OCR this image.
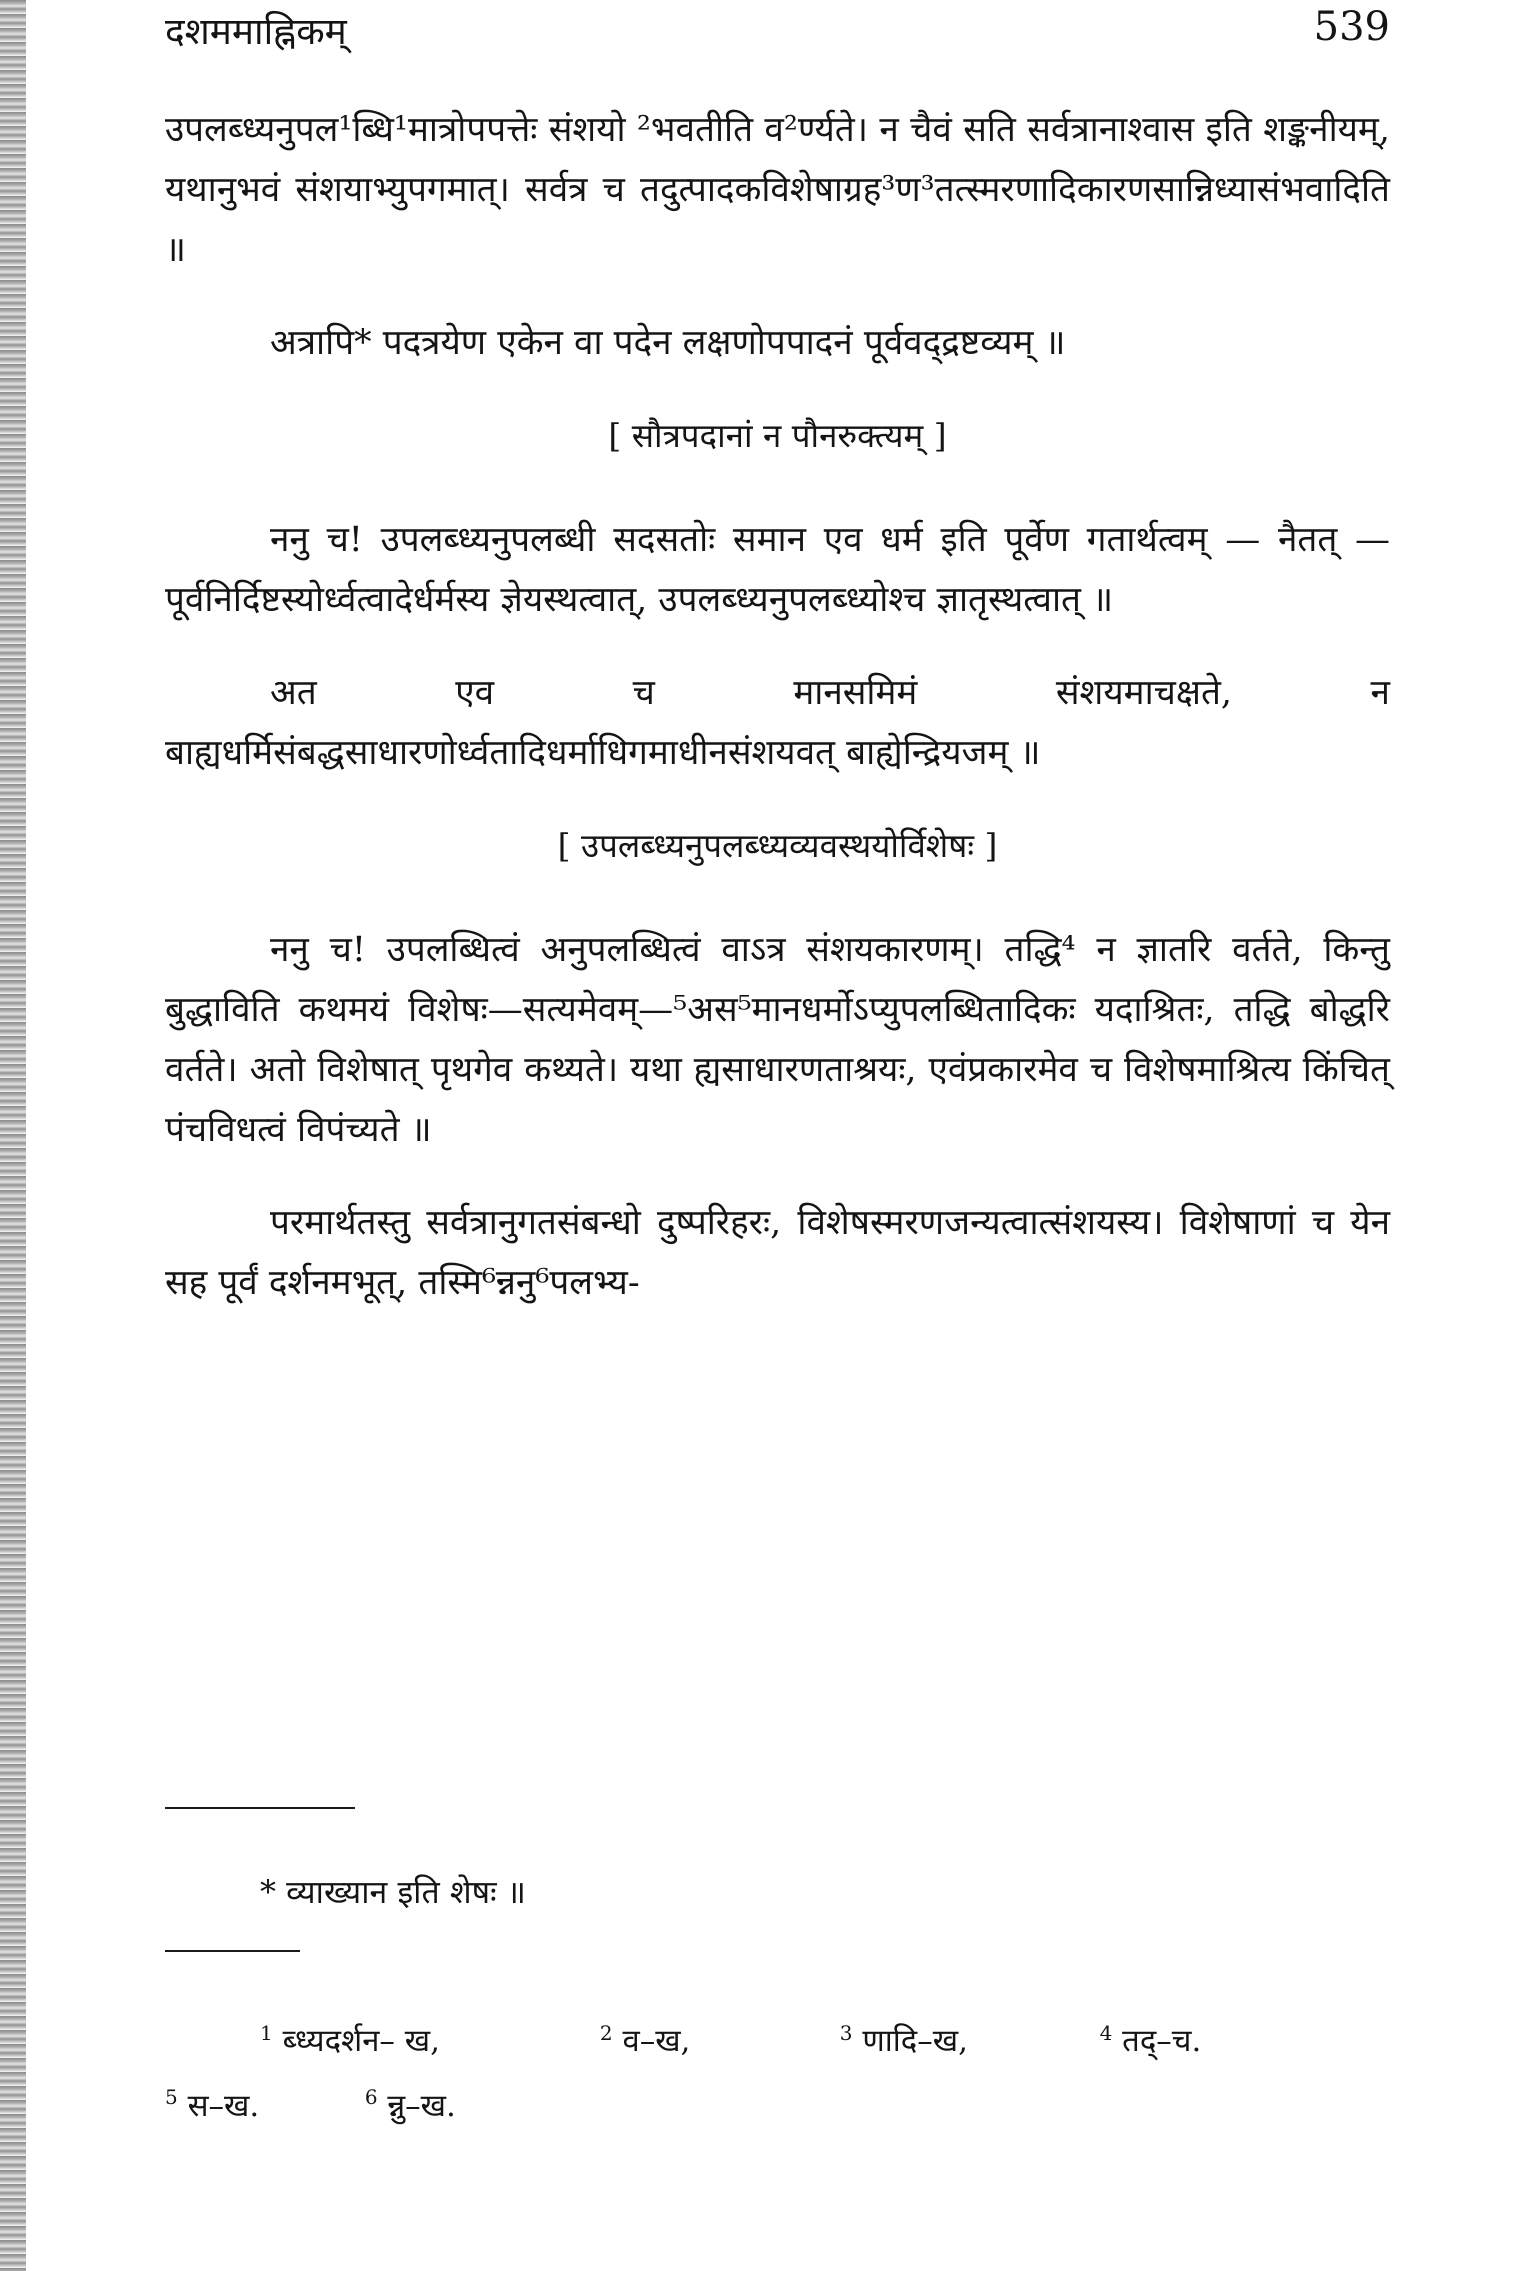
दशममाह्निकम्	539

उपलब्ध्यनुपल¹ब्धि¹मात्रोपपत्तेः संशयो ²भवतीति व²र्ण्यते। न चैवं सति सर्वत्रानाश्वास इति शङ्कनीयम्, यथानुभवं संशयाभ्युपगमात्। सर्वत्र च तदुत्पादकविशेषाग्रह³ण³तत्स्मरणादिकारणसान्निध्यासंभवादिति ॥

अत्रापि* पदत्रयेण एकेन वा पदेन लक्षणोपपादनं पूर्ववद्द्रष्टव्यम् ॥

[ सौत्रपदानां न पौनरुक्त्यम् ]

ननु च! उपलब्ध्यनुपलब्धी सदसतोः समान एव धर्म इति पूर्वेण गतार्थत्वम् — नैतत् — पूर्वनिर्दिष्टस्योर्ध्वत्वादेर्धर्मस्य ज्ञेयस्थत्वात्, उपलब्ध्यनुपलब्ध्योश्च ज्ञातृस्थत्वात् ॥

अत एव च मानसमिमं संशयमाचक्षते, न बाह्यधर्मिसंबद्धसाधारणोर्ध्वतादिधर्माधिगमाधीनसंशयवत् बाह्येन्द्रियजम् ॥

[ उपलब्ध्यनुपलब्ध्यव्यवस्थयोर्विशेषः ]

ननु च! उपलब्धित्वं अनुपलब्धित्वं वाऽत्र संशयकारणम्। तद्धि⁴ न ज्ञातरि वर्तते, किन्तु बुद्धाविति कथमयं विशेषः—सत्यमेवम्—⁵अस⁵मानधर्मोऽप्युपलब्धितादिकः यदाश्रितः, तद्धि बोद्धरि वर्तते। अतो विशेषात् पृथगेव कथ्यते। यथा ह्यसाधारणताश्रयः, एवंप्रकारमेव च विशेषमाश्रित्य किंचित् पंचविधत्वं विपंच्यते ॥

परमार्थतस्तु सर्वत्रानुगतसंबन्धो दुष्परिहरः, विशेषस्मरणजन्यत्वात्संशयस्य। विशेषाणां च येन सह पूर्वं दर्शनमभूत्, तस्मि⁶न्ननु⁶पलभ्य-

* व्याख्यान इति शेषः ॥
$^1$ ब्ध्यदर्शन– ख,	$^2$ व–ख,	$^3$ णादि–ख,	$^4$ तद्–च.
$^5$ स–ख.	$^6$ न्नु–ख.
